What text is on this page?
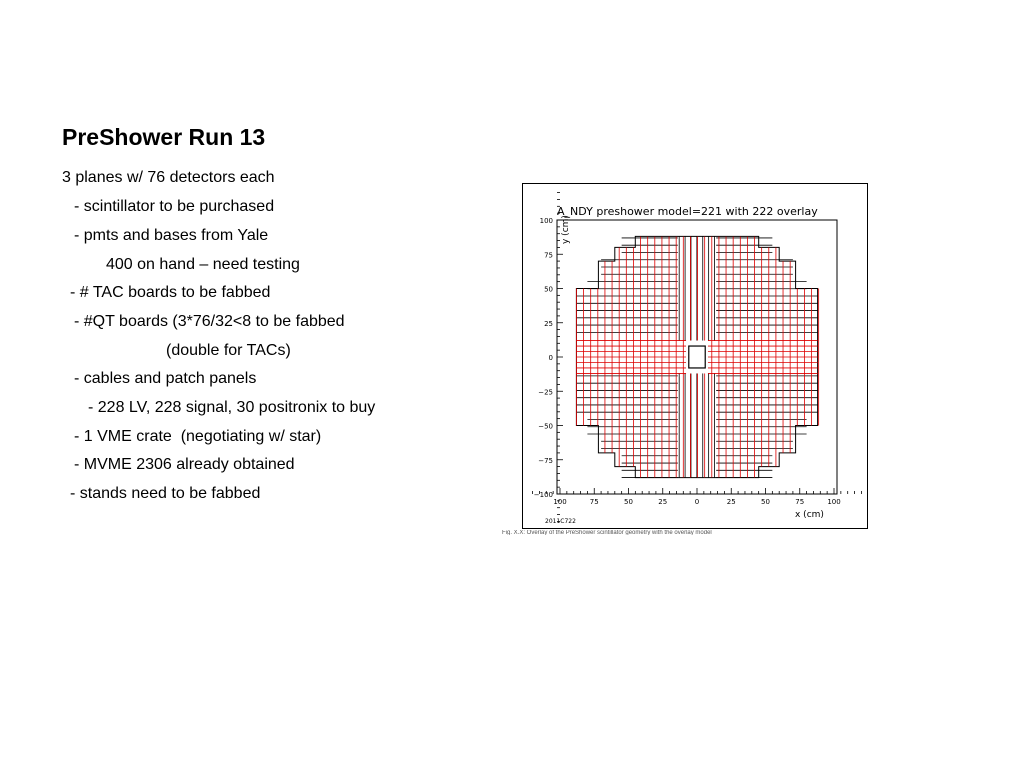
PreShower Run 13
3 planes w/ 76 detectors each
- scintillator to be purchased
- pmts and bases from Yale
400 on hand – need testing
- # TAC boards to be fabbed
- #QT boards (3*76/32<8 to be fabbed
(double for TACs)
- cables and patch panels
- 228 LV, 228 signal, 30 positronix to buy
- 1 VME crate  (negotiating w/ star)
- MVME 2306 already obtained
- stands need to be fabbed
A_NDY preshower model=221 with 222 overlay
100
75
50
25
0
−25
−50
−75
−100
100	75	50	25	0	25	50	75	100
y (cm)
x (cm)
2011C722
Fig. X.X: Overlay of the PreShower scintillator geometry with the overlay model
